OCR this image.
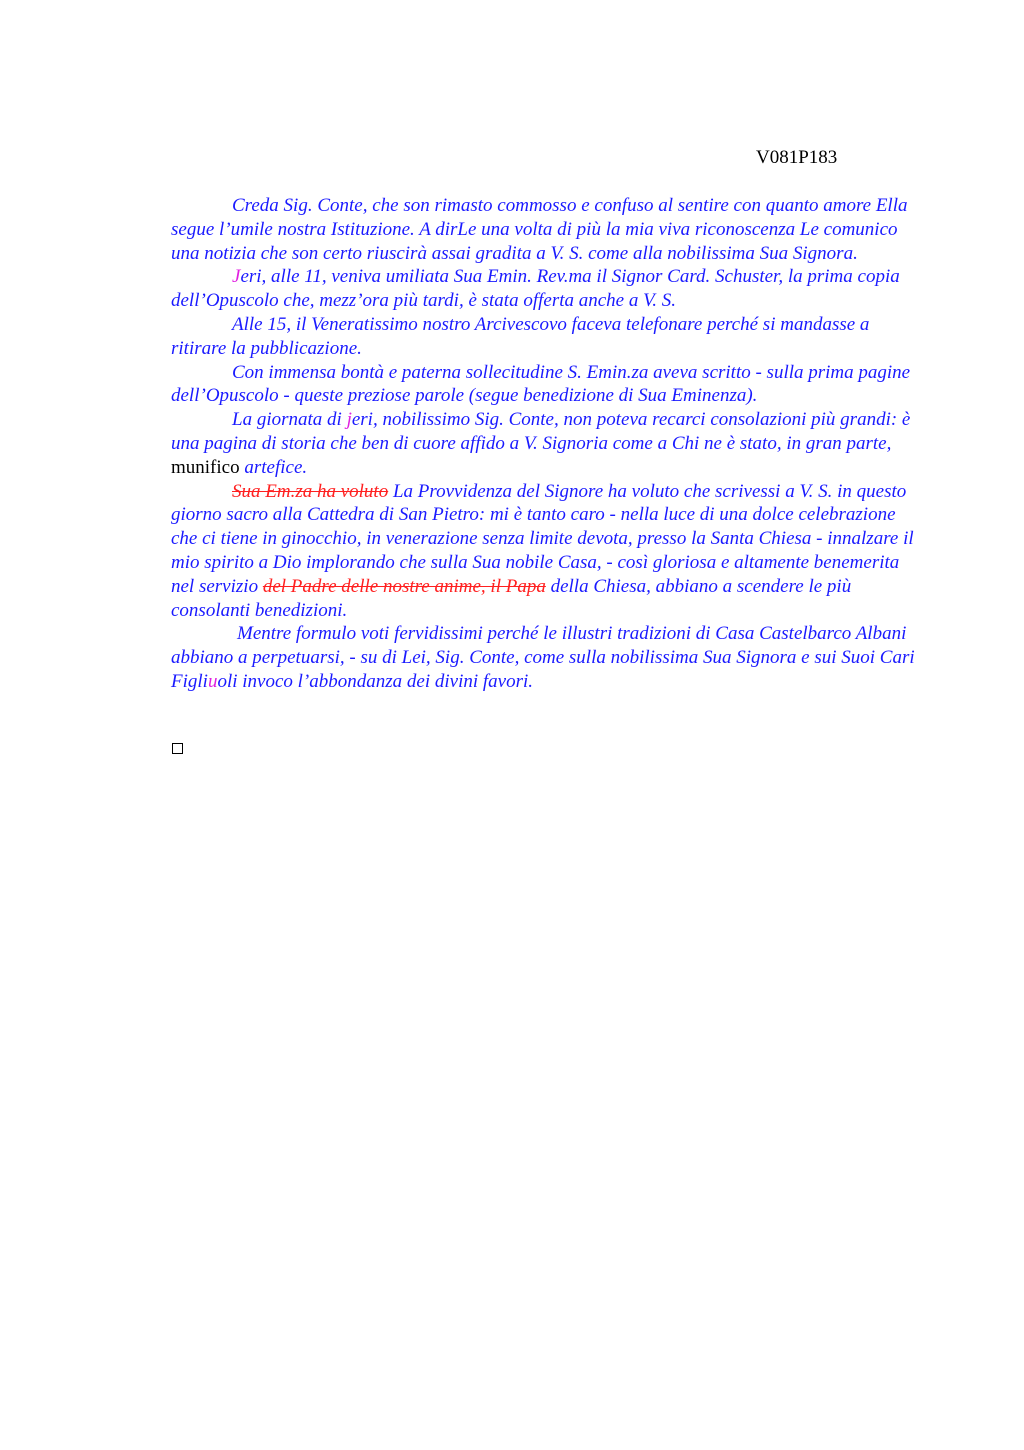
V081P183

Creda Sig. Conte, che son rimasto commosso e confuso al sentire con quanto amore Ella segue l’umile nostra Istituzione. A dirLe una volta di più la mia viva riconoscenza Le comunico una notizia che son certo riuscirà assai gradita a V. S. come alla nobilissima Sua Signora.

Jeri, alle 11, veniva umiliata Sua Emin. Rev.ma il Signor Card. Schuster, la prima copia dell’Opuscolo che, mezz’ora più tardi, è stata offerta anche a V. S.

Alle 15, il Veneratissimo nostro Arcivescovo faceva telefonare perché si mandasse a ritirare la pubblicazione.

Con immensa bontà e paterna sollecitudine S. Emin.za aveva scritto - sulla prima pagine dell’Opuscolo - queste preziose parole (segue benedizione di Sua Eminenza).

La giornata di jeri, nobilissimo Sig. Conte, non poteva recarci consolazioni più grandi: è una pagina di storia che ben di cuore affido a V. Signoria come a Chi ne è stato, in gran parte, munifico artefice.

Sua Em.za ha voluto La Provvidenza del Signore ha voluto che scrivessi a V. S. in questo giorno sacro alla Cattedra di San Pietro: mi è tanto caro - nella luce di una dolce celebrazione che ci tiene in ginocchio, in venerazione senza limite devota, presso la Santa Chiesa - innalzare il mio spirito a Dio implorando che sulla Sua nobile Casa, - così gloriosa e altamente benemerita nel servizio del Padre delle nostre anime, il Papa della Chiesa, abbiano a scendere le più consolanti benedizioni.

Mentre formulo voti fervidissimi perché le illustri tradizioni di Casa Castelbarco Albani abbiano a perpetuarsi, - su di Lei, Sig. Conte, come sulla nobilissima Sua Signora e sui Suoi Cari Figliuoli invoco l’abbondanza dei divini favori.
